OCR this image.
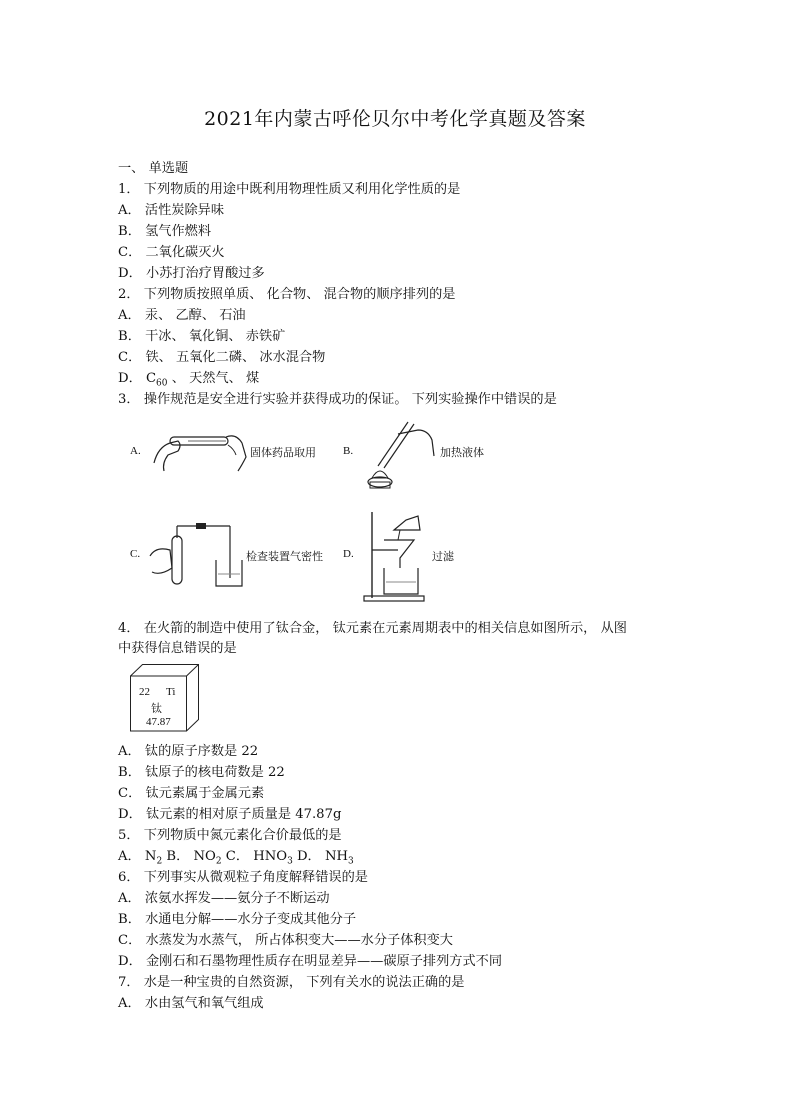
2021年内蒙古呼伦贝尔中考化学真题及答案
一、 单选题
1． 下列物质的用途中既利用物理性质又利用化学性质的是
A． 活性炭除异味
B． 氢气作燃料
C． 二氧化碳灭火
D． 小苏打治疗胃酸过多
2． 下列物质按照单质、 化合物、 混合物的顺序排列的是
A． 汞、 乙醇、 石油
B． 干冰、 氧化铜、 赤铁矿
C． 铁、 五氧化二磷、 冰水混合物
D． $C_{60}$ 、 天然气、 煤
3． 操作规范是安全进行实验并获得成功的保证。 下列实验操作中错误的是
A.	固体药品取用 B.	加热液体
C.	检查装置气密性 D.	过滤
4． 在火箭的制造中使用了钛合金， 钛元素在元素周期表中的相关信息如图所示， 从图
中获得信息错误的是
22 Ti
钛
47.87
A． 钛的原子序数是 22
B． 钛原子的核电荷数是 22
C． 钛元素属于金属元素
D． 钛元素的相对原子质量是 47.87g
5． 下列物质中氮元素化合价最低的是
A． $N_2$ B． $NO_2$ C． $HNO_3$ D． $NH_3$
6． 下列事实从微观粒子角度解释错误的是
A． 浓氨水挥发——氨分子不断运动
B． 水通电分解——水分子变成其他分子
C． 水蒸发为水蒸气， 所占体积变大——水分子体积变大
D． 金刚石和石墨物理性质存在明显差异——碳原子排列方式不同
7． 水是一种宝贵的自然资源， 下列有关水的说法正确的是
A． 水由氢气和氧气组成
